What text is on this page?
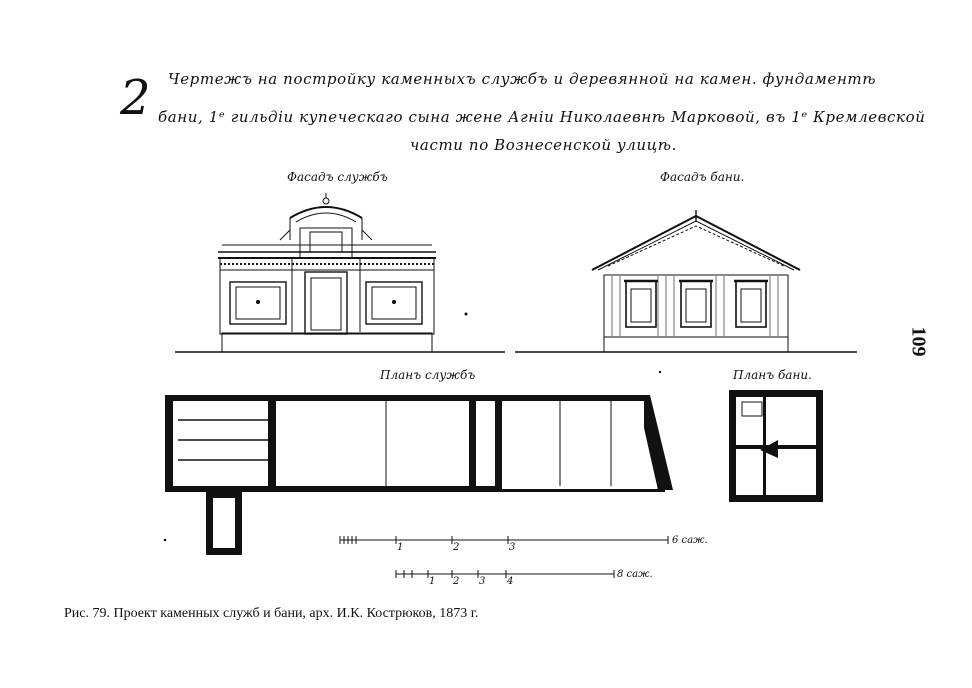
2 Чертежъ на постройку каменныхъ службъ и деревянной на камен. фундаментѣ
бани, 1ᵉ гильдіи купеческаго сына жене Агніи Николаевнѣ Марковой, въ 1ᵉ Кремлевской
части по Вознесенской улицѣ.
Фасадъ службъ	Фасадъ бани.
Планъ службъ	Планъ бани.
1	2	3
6 саж.
1 2 3 4
8 саж.
109
Рис. 79. Проект каменных служб и бани, арх. И.К. Кострюков, 1873 г.
